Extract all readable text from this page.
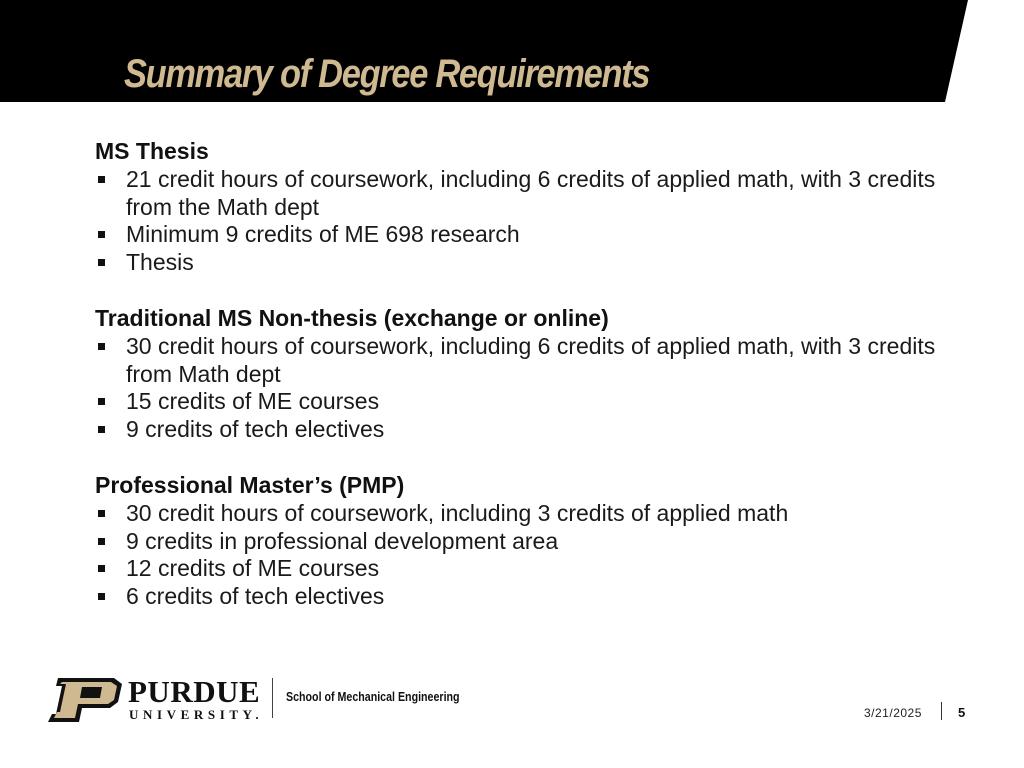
Summary of Degree Requirements

MS Thesis

21 credit hours of coursework, including 6 credits of applied math, with 3 credits from the Math dept
Minimum 9 credits of ME 698 research
Thesis

Traditional MS Non-thesis (exchange or online)

30 credit hours of coursework, including 6 credits of applied math, with 3 credits from Math dept
15 credits of ME courses
9 credits of tech electives

Professional Master’s (PMP)

30 credit hours of coursework, including 3 credits of applied math
9 credits in professional development area
12 credits of ME courses
6 credits of tech electives
PURDUE
UNIVERSITY.
School of Mechanical Engineering
3/21/2025	5
